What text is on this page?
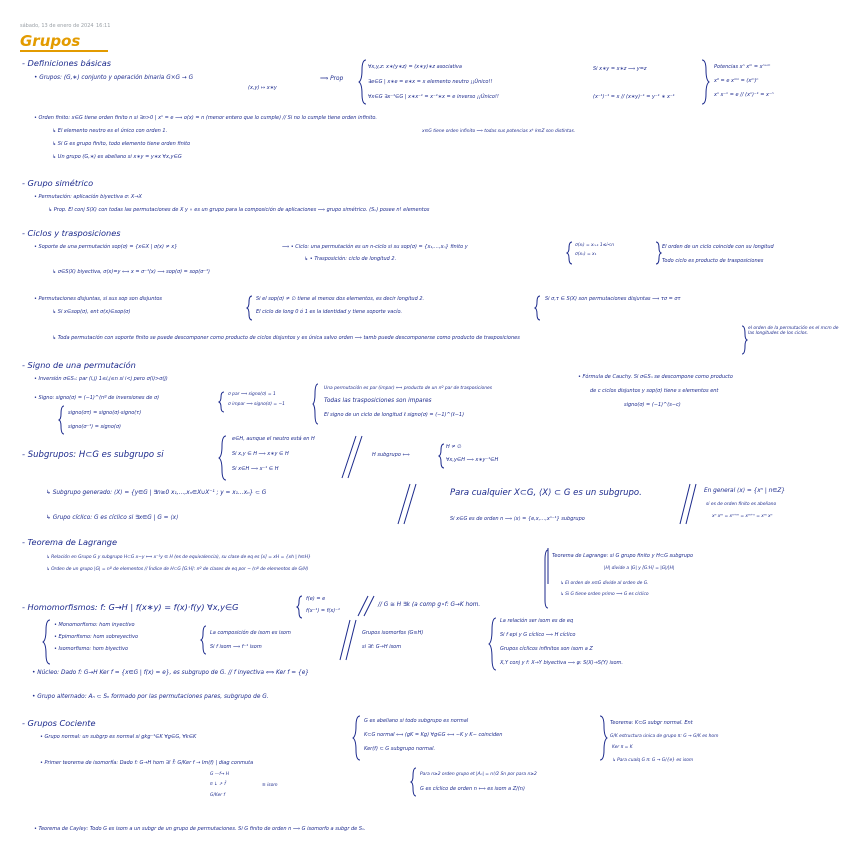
sábado, 13 de enero de 2024 16:11
Grupos
- Definiciones básicas
• Grupos: (G,∗) conjunto y operación binaria G×G → G
(x,y) ↦ x∗y
⟹ Prop
∀x,y,z: x∗(y∗z) = (x∗y)∗z asociativa
∃e∈G | x∗e = e∗x = x elemento neutro ¡¡Único!!
∀x∈G ∃x⁻¹∈G | x∗x⁻¹ = x⁻¹∗x = e inverso ¡¡Único!!
Si x∗y = x∗z ⟹ y=z
(x⁻¹)⁻¹ = x // (x∗y)⁻¹ = y⁻¹ ∗ x⁻¹
Potencias xⁿ xᵐ = xⁿ⁺ᵐ
x⁰ = e xᵐⁿ = (xᵐ)ⁿ
xⁿ x⁻ⁿ = e // (xⁿ)⁻¹ = x⁻ⁿ
• Orden finito: x∈G tiene orden finito n si ∃n>0 | xⁿ = e ⟹ o(x) = n (menor entero que lo cumple) // Si no lo cumple tiene orden infinito.
↳ El elemento neutro es el único con orden 1.	x∈G tiene orden infinito ⟹ todas sus potencias xᵏ k∈Z son distintas.
↳ Si G es grupo finito, todo elemento tiene orden finito
↳ Un grupo (G,∗) es abeliano si x∗y = y∗x ∀x,y∈G
- Grupo simétrico
• Permutación: aplicación biyectiva σ: X→X
↳ Prop. El conj S(X) con todas las permutaciones de X y ∘ es un grupo para la composición de aplicaciones ⟹ grupo simétrico. (Sₙ) posee n! elementos
- Ciclos y trasposiciones
• Soporte de una permutación sop(σ) = {x∈X | σ(x) ≠ x}	⟹ • Ciclo: una permutación es un n-ciclo si su sop(σ) = {x₁,…,xₙ} finito y	σ(xᵢ) = xᵢ₊₁ 1≤i<n
σ(xₙ) = x₁
El orden de un ciclo coincide con su longitud
Todo ciclo es producto de trasposiciones
↳ • Trasposición: ciclo de longitud 2.
↳ σ∈S(X) biyectiva, σ(x)=y ⟺ x = σ⁻¹(x) ⟹ sop(σ) = sop(σ⁻¹)
• Permutaciones disjuntas, si sus sop son disjuntos	Si el sop(σ) ≠ ∅ tiene al menos dos elementos, es decir longitud 2.
El ciclo de long 0 ó 1 es la identidad y tiene soporte vacío.
Si σ,τ ∈ S(X) son permutaciones disjuntas ⟹ τσ = στ
↳ Si x∈sop(σ), ent σ(x)∈sop(σ)
↳ Toda permutación con soporte finito se puede descomponer como producto de ciclos disjuntos y es única salvo orden ⟹ tamb puede descomponerse como producto de trasposiciones
el orden de la permutación es el mcm de las longitudes de los ciclos.
- Signo de una permutación
• Inversión σ∈Sₙ: par (i,j) 1≤i,j≤n si i<j pero σ(i)>σ(j)
• Signo: signo(σ) = (−1)^(nº de inversiones de σ)
σ par ⟹ signo(σ) = 1
σ impar ⟹ signo(σ) = −1
signo(στ) = signo(σ)·signo(τ)
signo(σ⁻¹) = signo(σ)
Una permutación es par (impar) ⟺ producto de un nº par de trasposiciones
Todas las trasposiciones son impares
El signo de un ciclo de longitud ℓ signo(σ) = (−1)^(ℓ−1)
• Fórmula de Cauchy. Si σ∈Sₙ se descompone como producto
de c ciclos disjuntos y sop(σ) tiene s elementos ent
signo(σ) = (−1)^(s−c)
- Subgrupos: H⊂G es subgrupo si
e∈H, aunque el neutro está en H
Si x,y ∈ H ⟹ x∗y ∈ H
Si x∈H ⟹ x⁻¹ ∈ H
H subgrupo ⟺
H ≠ ∅
∀x,y∈H ⟹ x∗y⁻¹∈H
↳ Subgrupo generado: ⟨X⟩ = {y∈G | ∃n≥0 x₁,…,xₙ∈X∪X⁻¹ ; y = x₁…xₙ} ⊂ G	Para cualquier X⊂G, ⟨X⟩ ⊂ G es un subgrupo.	En general ⟨x⟩ = {xⁿ | n∈Z}
si es de orden finito es abeliano
xⁿ xᵐ = xⁿ⁺ᵐ = xᵐ⁺ⁿ = xᵐ xⁿ
↳ Grupo cíclico: G es cíclico si ∃x∈G | G = ⟨x⟩	Si x∈G es de orden n ⟹ ⟨x⟩ = {e,x,…,xⁿ⁻¹} subgrupo
- Teorema de Lagrange
↳ Relación en Grupo G y subgrupo H⊂G x∼y ⟺ x⁻¹y ∈ H (es de equivalencia), su clase de eq es [x] = xH = {xh | h∈H}
↳ Orden de un grupo |G| = nº de elementos // Índice de H⊂G [G:H]: nº de clases de eq por ∼ (nº de elementos de G/H)
Teorema de Lagrange: si G grupo finito y H⊂G subgrupo
|H| divide a |G| y [G:H] = |G|/|H|
↳ El orden de x∈G divide al orden de G.
↳ Si G tiene orden primo ⟹ G es cíclico
- Homomorfismos: f: G→H | f(x∗y) = f(x)·f(y) ∀x,y∈G
f(e) = e
f(x⁻¹) = f(x)⁻¹
// G ≅ H ∃k (a comp g∘f: G→K hom.
• Monomorfismo: hom inyectivo
• Epimorfismo: hom sobreyectivo
• Isomorfismo: hom biyectivo
La composición de isom es isom
Si f isom ⟹ f⁻¹ isom
Grupos isomorfos (G≅H)
si ∃f: G→H isom
La relación ser isom es de eq
Si f epi y G cíclico ⟹ H cíclico
Grupos cíclicos infinitos son isom a Z
X,Y conj y f: X→Y biyectiva ⟹ φ: S(X)→S(Y) isom.
• Núcleo: Dado f: G→H Ker f = {x∈G | f(x) = e}, es subgrupo de G. // f inyectiva ⟺ Ker f = {e}
• Grupo alternado: Aₙ ⊂ Sₙ formado por las permutaciones pares, subgrupo de G.
- Grupos Cociente
• Grupo normal: un subgrp es normal si gkg⁻¹∈K ∀g∈G, ∀k∈K
G es abeliano si todo subgrupo es normal
K⊂G normal ⟺ (gK = Kg) ∀g∈G ⟺ ∼K y K∼ coinciden
Ker(f) ⊂ G subgrupo normal.
Teorema: K⊂G subgr normal. Ent
G/K estructura única de grupo π: G → G/K es hom
Ker π = K
↳ Para cualq G π: G → G/{e} es isom
• Primer teorema de isomorfía: Dado f: G→H hom ∃! f̄: G/Ker f → Im(f) | diag conmuta
G —f→ H
π ↓ ↗ f̄
G/Ker f
≅ isom
Para n≥2 orden grupo et |Aₙ| = n!/2 Sn por para n≥2
G es cíclico de orden n ⟺ es isom a Z/(n)
• Teorema de Cayley: Todo G es isom a un subgr de un grupo de permutaciones. Si G finito de orden n ⟹ G isomorfo a subgr de Sₙ.
